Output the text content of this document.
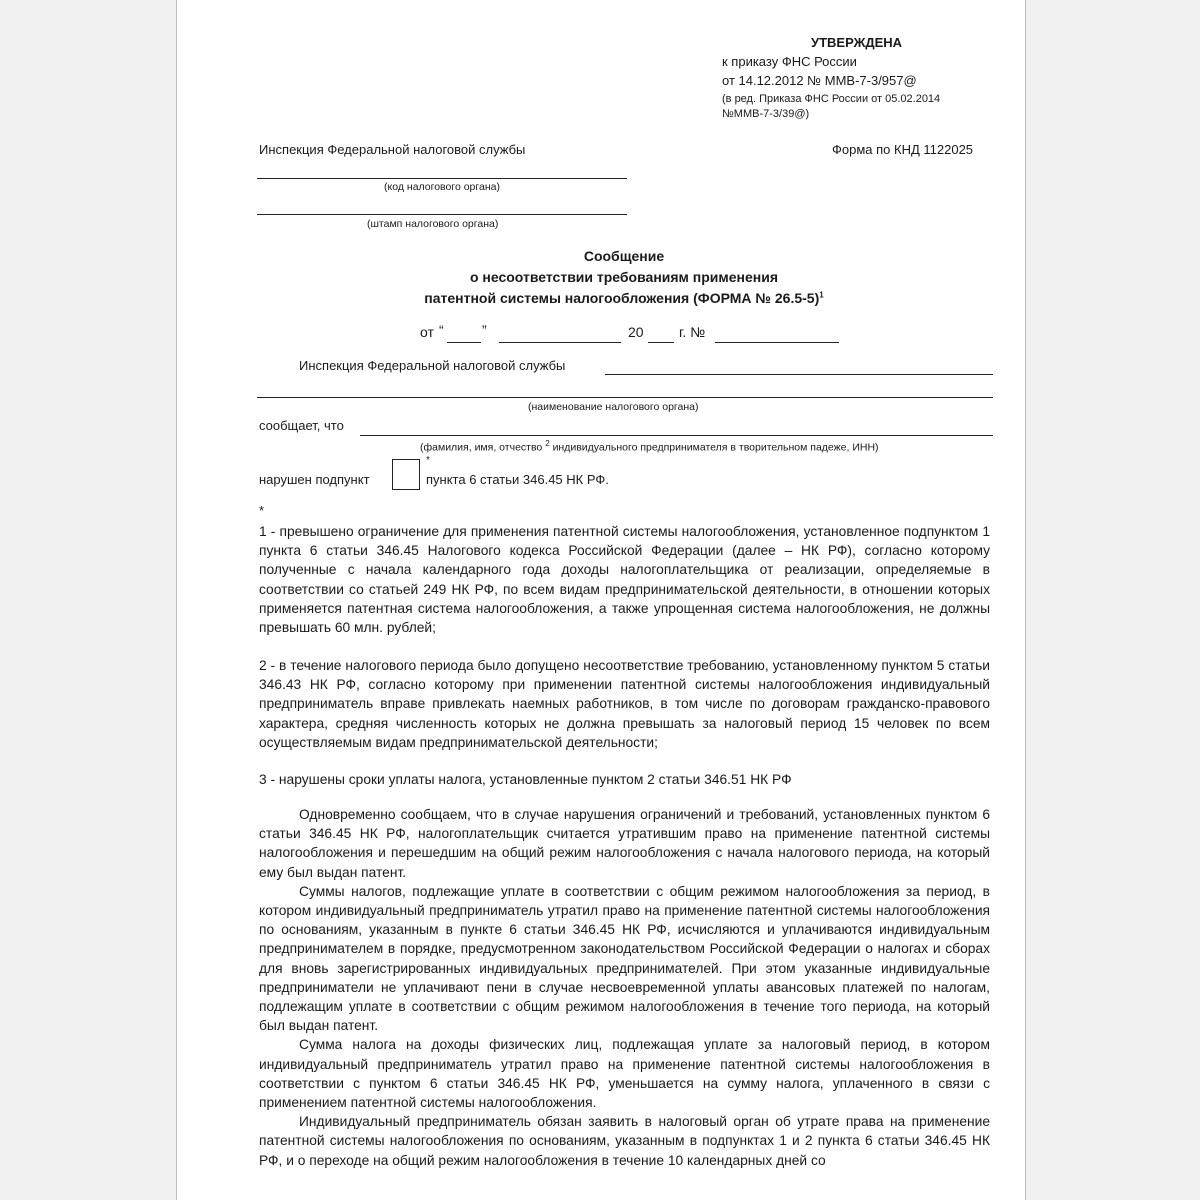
УТВЕРЖДЕНА
к приказу ФНС России
от 14.12.2012 № ММВ-7-3/957@
(в ред. Приказа ФНС России от 05.02.2014
№ММВ-7-3/39@)
Инспекция Федеральной налоговой службы	Форма по КНД 1122025
(код налогового органа)
(штамп налогового органа)
Сообщение
о несоответствии требованиям применения
патентной системы налогообложения (ФОРМА № 26.5-5)$^1$
от “	”	20	г. №
Инспекция Федеральной налоговой службы
(наименование налогового органа)
сообщает, что
(фамилия, имя, отчество $^2$ индивидуального предпринимателя в творительном падеже, ИНН)
нарушен подпункт
*
пункта 6 статьи 346.45 НК РФ.
*
1 - превышено ограничение для применения патентной системы налогообложения, установленное подпунктом 1 пункта 6 статьи 346.45 Налогового кодекса Российской Федерации (далее – НК РФ), согласно которому полученные с начала календарного года доходы налогоплательщика от реализации, определяемые в соответствии со статьей 249 НК РФ, по всем видам предпринимательской деятельности, в отношении которых применяется патентная система налогообложения, а также упрощенная система налогообложения, не должны превышать 60 млн. рублей;
2 - в течение налогового периода было допущено несоответствие требованию, установленному пунктом 5 статьи 346.43 НК РФ, согласно которому при применении патентной системы налогообложения индивидуальный предприниматель вправе привлекать наемных работников, в том числе по договорам гражданско-правового характера, средняя численность которых не должна превышать за налоговый период 15 человек по всем осуществляемым видам предпринимательской деятельности;
3 - нарушены сроки уплаты налога, установленные пунктом 2 статьи 346.51 НК РФ

Одновременно сообщаем, что в случае нарушения ограничений и требований, установленных пунктом 6 статьи 346.45 НК РФ, налогоплательщик считается утратившим право на применение патентной системы налогообложения и перешедшим на общий режим налогообложения с начала налогового периода, на который ему был выдан патент.

Суммы налогов, подлежащие уплате в соответствии с общим режимом налогообложения за период, в котором индивидуальный предприниматель утратил право на применение патентной системы налогообложения по основаниям, указанным в пункте 6 статьи 346.45 НК РФ, исчисляются и уплачиваются индивидуальным предпринимателем в порядке, предусмотренном законодательством Российской Федерации о налогах и сборах для вновь зарегистрированных индивидуальных предпринимателей. При этом указанные индивидуальные предприниматели не уплачивают пени в случае несвоевременной уплаты авансовых платежей по налогам, подлежащим уплате в соответствии с общим режимом налогообложения в течение того периода, на который был выдан патент.

Сумма налога на доходы физических лиц, подлежащая уплате за налоговый период, в котором индивидуальный предприниматель утратил право на применение патентной системы налогообложения в соответствии с пунктом 6 статьи 346.45 НК РФ, уменьшается на сумму налога, уплаченного в связи с применением патентной системы налогообложения.

Индивидуальный предприниматель обязан заявить в налоговый орган об утрате права на применение патентной системы налогообложения по основаниям, указанным в подпунктах 1 и 2 пункта 6 статьи 346.45 НК РФ, и о переходе на общий режим налогообложения в течение 10 календарных дней со
